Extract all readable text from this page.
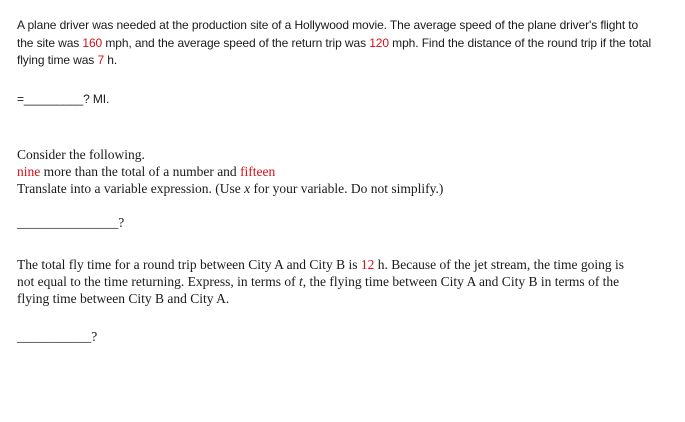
A plane driver was needed at the production site of a Hollywood movie. The average speed of the plane driver's flight to the site was 160 mph, and the average speed of the return trip was 120 mph. Find the distance of the round trip if the total flying time was 7 h.
=_________? MI.
Consider the following.
nine more than the total of a number and fifteen
Translate into a variable expression. (Use x for your variable. Do not simplify.)
_______________?
The total fly time for a round trip between City A and City B is 12 h. Because of the jet stream, the time going is not equal to the time returning. Express, in terms of t, the flying time between City A and City B in terms of the flying time between City B and City A.
___________?
